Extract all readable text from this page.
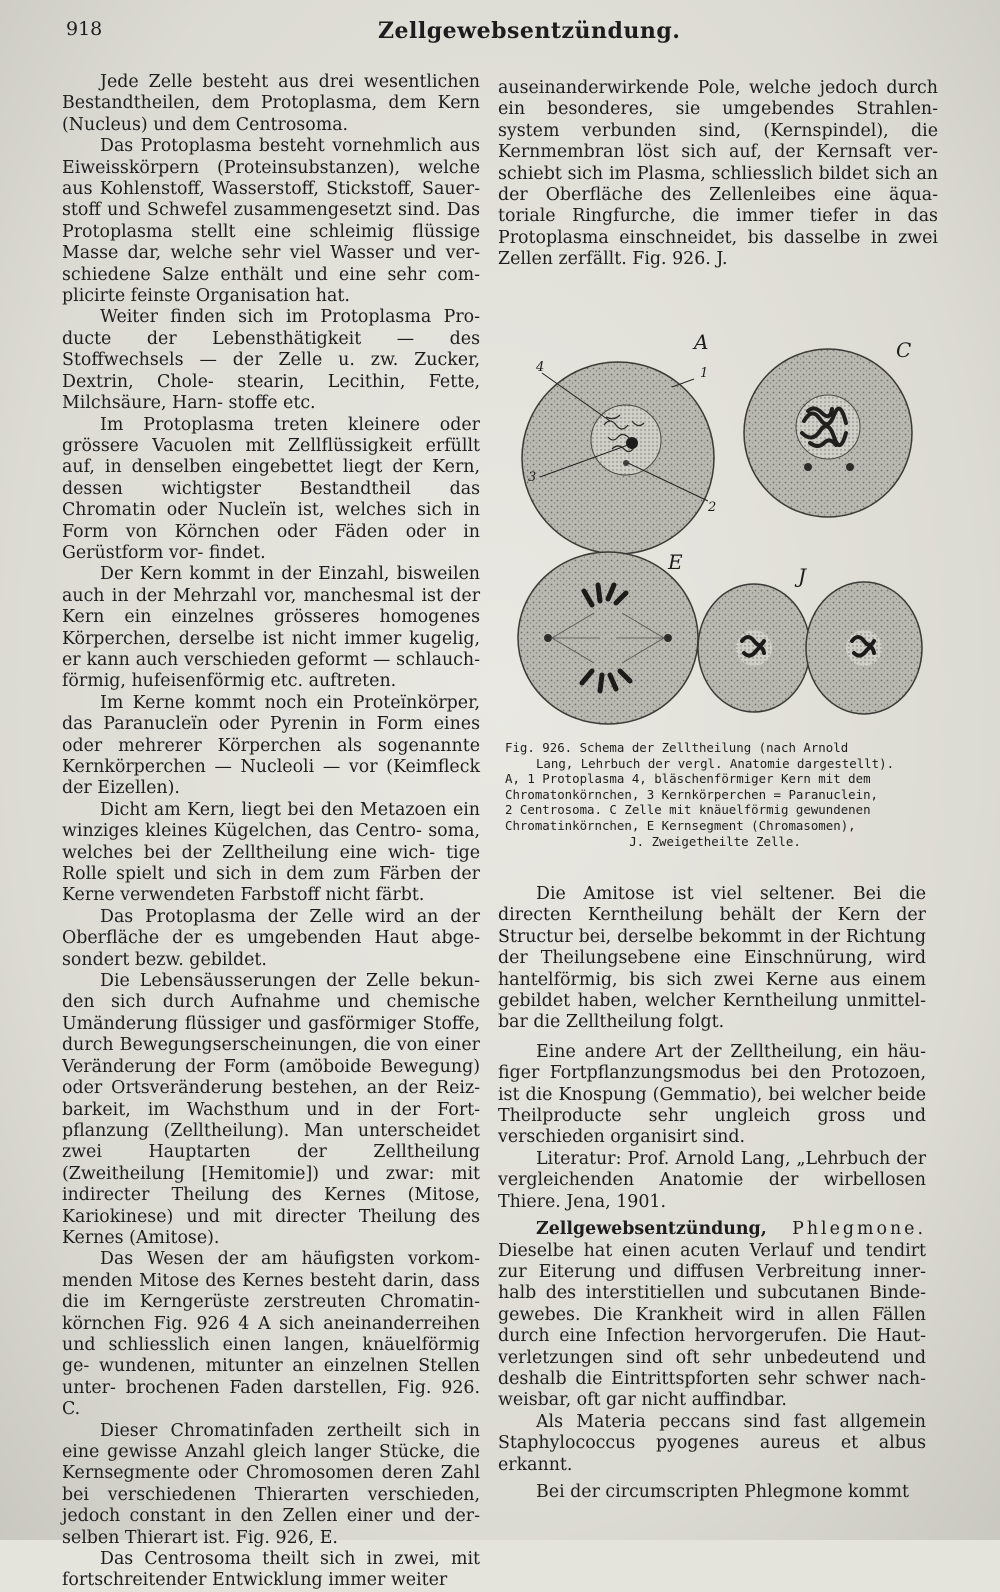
918	Zellgewebsentzündung.

Jede Zelle besteht aus drei wesentlichen Bestandtheilen, dem Protoplasma, dem Kern (Nucleus) und dem Centrosoma.

Das Protoplasma besteht vornehmlich aus Eiweisskörpern (Proteinsubstanzen), welche aus Kohlenstoff, Wasserstoff, Stickstoff, Sauer- stoff und Schwefel zusammengesetzt sind. Das Protoplasma stellt eine schleimig flüssige Masse dar, welche sehr viel Wasser und ver- schiedene Salze enthält und eine sehr com- plicirte feinste Organisation hat.

Weiter finden sich im Protoplasma Pro- ducte der Lebensthätigkeit — des Stoffwechsels — der Zelle u. zw. Zucker, Dextrin, Chole- stearin, Lecithin, Fette, Milchsäure, Harn- stoffe etc.

Im Protoplasma treten kleinere oder grössere Vacuolen mit Zellflüssigkeit erfüllt auf, in denselben eingebettet liegt der Kern, dessen wichtigster Bestandtheil das Chromatin oder Nucleïn ist, welches sich in Form von Körnchen oder Fäden oder in Gerüstform vor- findet.

Der Kern kommt in der Einzahl, bisweilen auch in der Mehrzahl vor, manchesmal ist der Kern ein einzelnes grösseres homogenes Körperchen, derselbe ist nicht immer kugelig, er kann auch verschieden geformt — schlauch- förmig, hufeisenförmig etc. auftreten.

Im Kerne kommt noch ein Proteïnkörper, das Paranucleïn oder Pyrenin in Form eines oder mehrerer Körperchen als sogenannte Kernkörperchen — Nucleoli — vor (Keimfleck der Eizellen).

Dicht am Kern, liegt bei den Metazoen ein winziges kleines Kügelchen, das Centro- soma, welches bei der Zelltheilung eine wich- tige Rolle spielt und sich in dem zum Färben der Kerne verwendeten Farbstoff nicht färbt.

Das Protoplasma der Zelle wird an der Oberfläche der es umgebenden Haut abge- sondert bezw. gebildet.

Die Lebensäusserungen der Zelle bekun- den sich durch Aufnahme und chemische Umänderung flüssiger und gasförmiger Stoffe, durch Bewegungserscheinungen, die von einer Veränderung der Form (amöboide Bewegung) oder Ortsveränderung bestehen, an der Reiz- barkeit, im Wachsthum und in der Fort- pflanzung (Zelltheilung). Man unterscheidet zwei Hauptarten der Zelltheilung (Zweitheilung [Hemitomie]) und zwar: mit indirecter Theilung des Kernes (Mitose, Kariokinese) und mit directer Theilung des Kernes (Amitose).

Das Wesen der am häufigsten vorkom- menden Mitose des Kernes besteht darin, dass die im Kerngerüste zerstreuten Chromatin- körnchen Fig. 926 4 A sich aneinanderreihen und schliesslich einen langen, knäuelförmig ge- wundenen, mitunter an einzelnen Stellen unter- brochenen Faden darstellen, Fig. 926. C.

Dieser Chromatinfaden zertheilt sich in eine gewisse Anzahl gleich langer Stücke, die Kernsegmente oder Chromosomen deren Zahl bei verschiedenen Thierarten verschieden, jedoch constant in den Zellen einer und der- selben Thierart ist. Fig. 926, E.

Das Centrosoma theilt sich in zwei, mit fortschreitender Entwicklung immer weiter

auseinanderwirkende Pole, welche jedoch durch ein besonderes, sie umgebendes Strahlen- system verbunden sind, (Kernspindel), die Kernmembran löst sich auf, der Kernsaft ver- schiebt sich im Plasma, schliesslich bildet sich an der Oberfläche des Zellenleibes eine äqua- toriale Ringfurche, die immer tiefer in das Protoplasma einschneidet, bis dasselbe in zwei Zellen zerfällt. Fig. 926. J.

A
4	1
3
2
C
E
J

Fig. 926. Schema der Zelltheilung (nach Arnold

Lang, Lehrbuch der vergl. Anatomie dargestellt).

A, 1 Protoplasma 4, bläschenförmiger Kern mit dem

Chromatonkörnchen, 3 Kernkörperchen = Paranuclein,

2 Centrosoma. C Zelle mit knäuelförmig gewundenen

Chromatinkörnchen, E Kernsegment (Chromasomen),

J. Zweigetheilte Zelle.

Die Amitose ist viel seltener. Bei die directen Kerntheilung behält der Kern der Structur bei, derselbe bekommt in der Richtung der Theilungsebene eine Einschnürung, wird hantelförmig, bis sich zwei Kerne aus einem gebildet haben, welcher Kerntheilung unmittel- bar die Zelltheilung folgt.

Eine andere Art der Zelltheilung, ein häu- figer Fortpflanzungsmodus bei den Protozoen, ist die Knospung (Gemmatio), bei welcher beide Theilproducte sehr ungleich gross und verschieden organisirt sind.

Literatur: Prof. Arnold Lang, „Lehrbuch der vergleichenden Anatomie der wirbellosen Thiere. Jena, 1901.

Zellgewebsentzündung, Phlegmone. Dieselbe hat einen acuten Verlauf und tendirt zur Eiterung und diffusen Verbreitung inner- halb des interstitiellen und subcutanen Binde- gewebes. Die Krankheit wird in allen Fällen durch eine Infection hervorgerufen. Die Haut- verletzungen sind oft sehr unbedeutend und deshalb die Eintrittspforten sehr schwer nach- weisbar, oft gar nicht auffindbar.

Als Materia peccans sind fast allgemein Staphylococcus pyogenes aureus et albus erkannt.

Bei der circumscripten Phlegmone kommt
